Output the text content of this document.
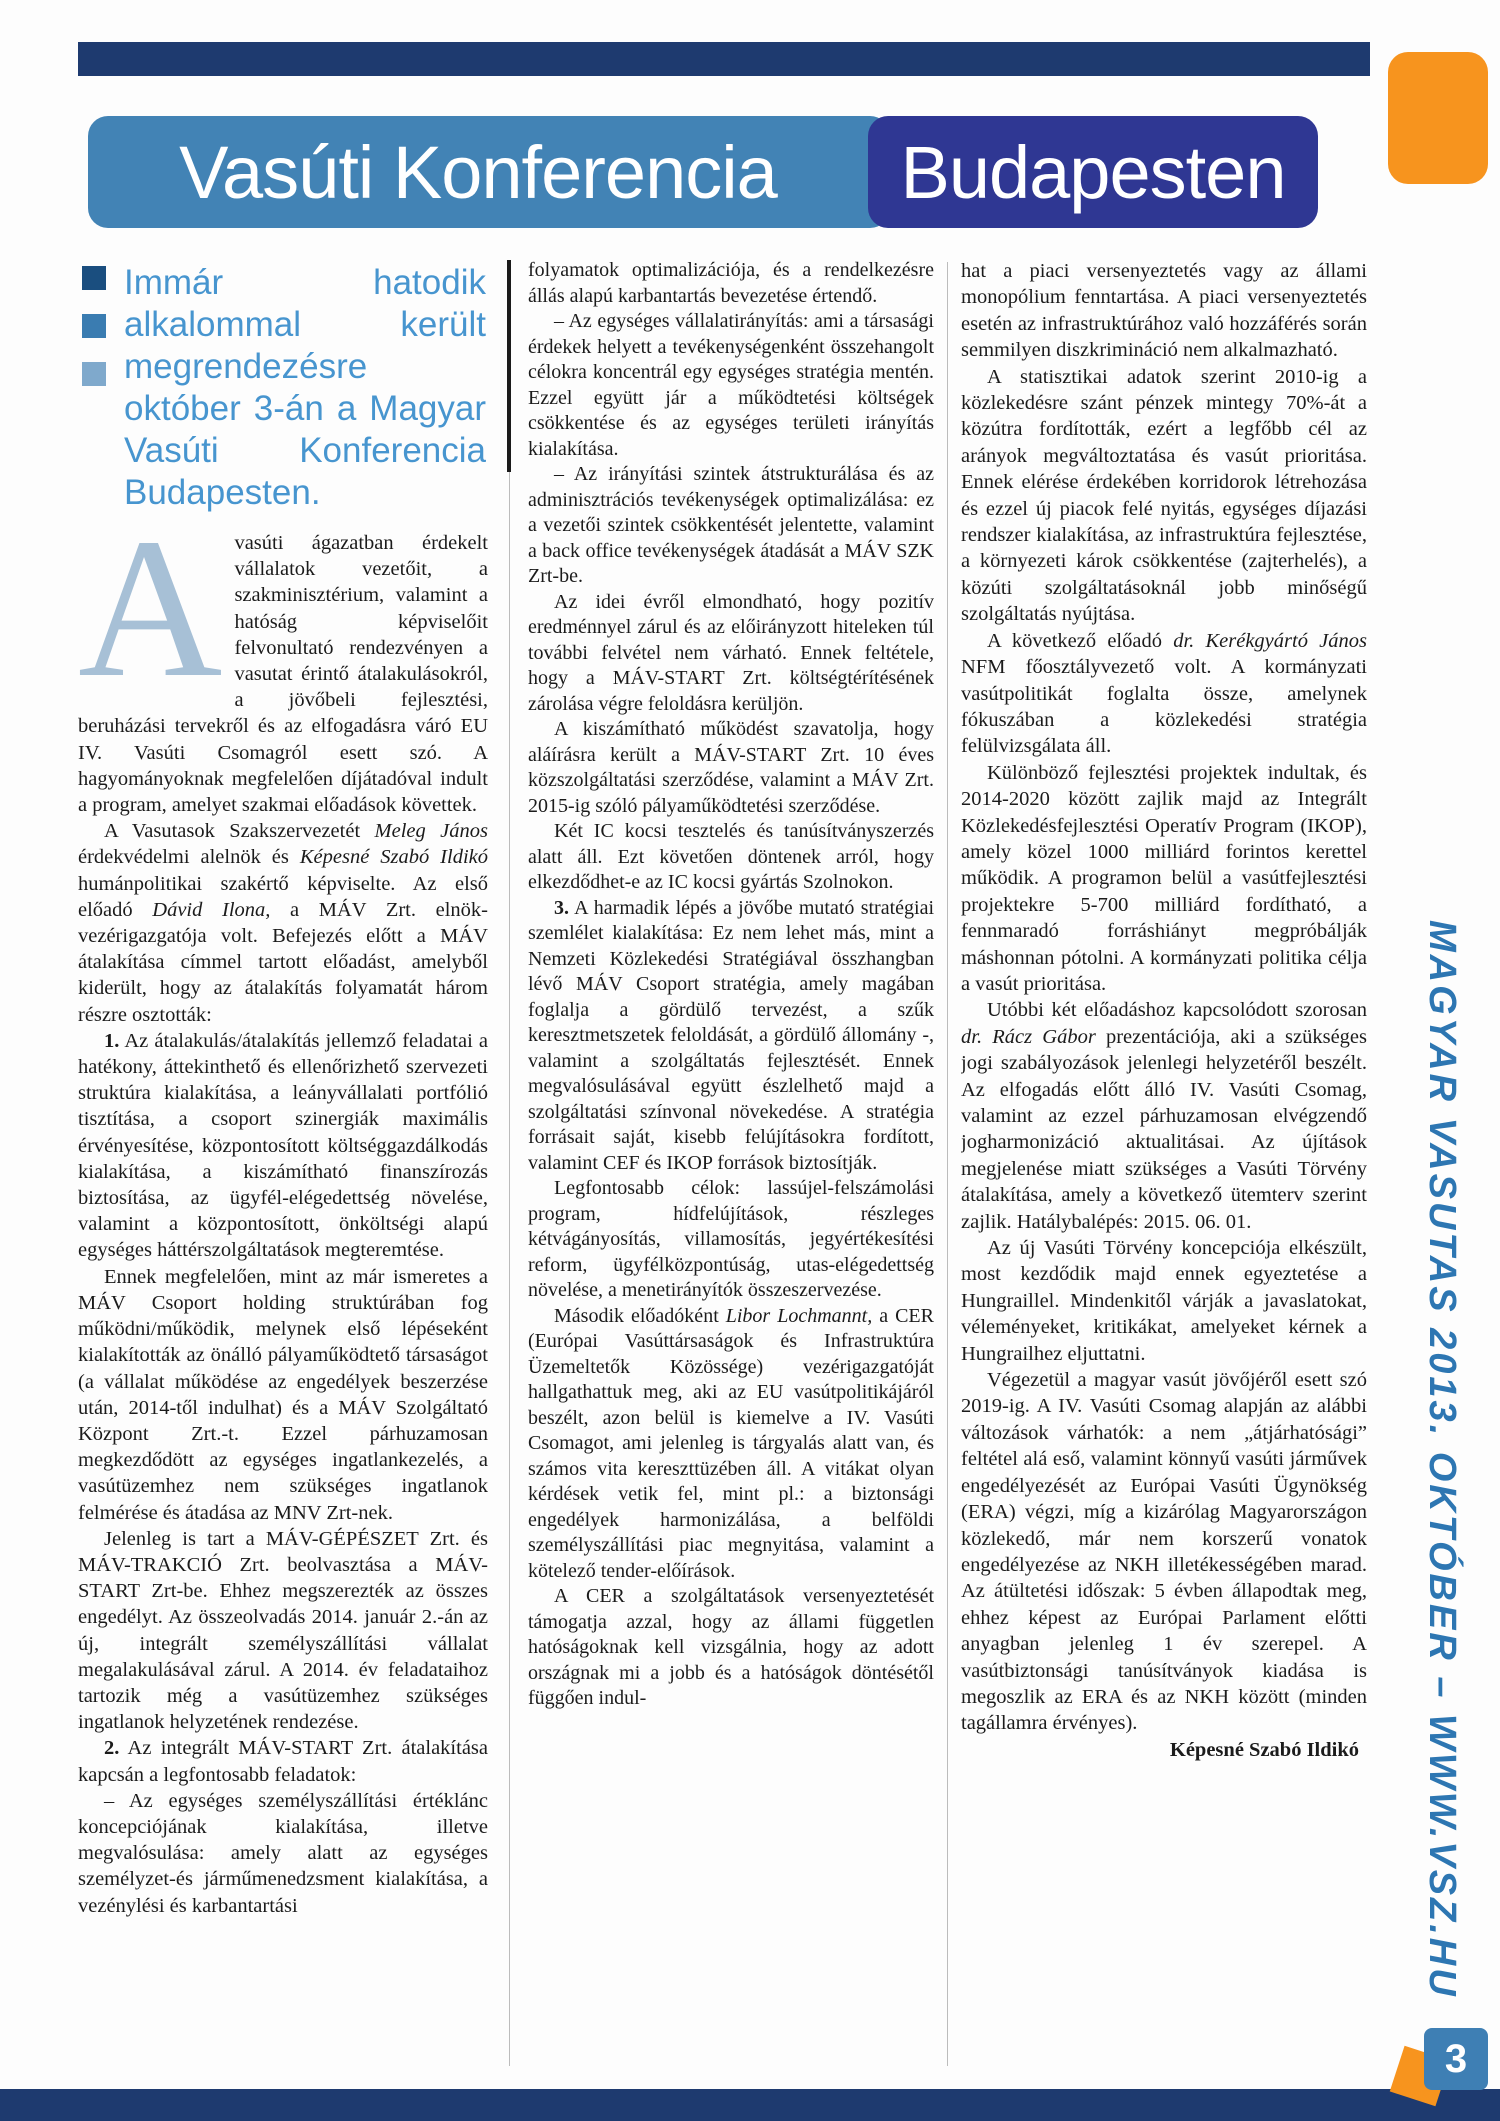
Vasúti Konferencia	Budapesten
Immár hatodik alkalommal került megrendezésre október 3-án a Magyar Vasúti Konferencia Budapesten.

Avasúti ágazatban érdekelt vállalatok vezetőit, a szakminisztérium, valamint a hatóság képviselőit felvonultató rendezvényen a vasutat érintő átalakulásokról, a jövőbeli fejlesztési, beruházási tervekről és az elfogadásra váró EU IV. Vasúti Csomagról esett szó. A hagyományoknak megfelelően díjátadóval indult a program, amelyet szakmai előadások követtek.

A Vasutasok Szakszervezetét Meleg János érdekvédelmi alelnök és Képesné Szabó Ildikó humánpolitikai szakértő képviselte. Az első előadó Dávid Ilona, a MÁV Zrt. elnök-vezérigazgatója volt. Befejezés előtt a MÁV átalakítása címmel tartott előadást, amelyből kiderült, hogy az átalakítás folyamatát három részre osztották:

1. Az átalakulás/átalakítás jellemző feladatai a hatékony, áttekinthető és ellenőrizhető szervezeti struktúra kialakítása, a leányvállalati portfólió tisztítása, a csoport szinergiák maximális érvényesítése, központosított költséggazdálkodás kialakítása, a kiszámítható finanszírozás biztosítása, az ügyfél-elégedettség növelése, valamint a központosított, önköltségi alapú egységes háttérszolgáltatások megteremtése.

Ennek megfelelően, mint az már ismeretes a MÁV Csoport holding struktúrában fog működni/működik, melynek első lépéseként kialakították az önálló pályaműködtető társaságot (a vállalat működése az engedélyek beszerzése után, 2014-től indulhat) és a MÁV Szolgáltató Központ Zrt.-t. Ezzel párhuzamosan megkezdődött az egységes ingatlankezelés, a vasútüzemhez nem szükséges ingatlanok felmérése és átadása az MNV Zrt-nek.

Jelenleg is tart a MÁV-GÉPÉSZET Zrt. és MÁV-TRAKCIÓ Zrt. beolvasztása a MÁV-START Zrt-be. Ehhez megszerezték az összes engedélyt. Az összeolvadás 2014. január 2.-án az új, integrált személyszállítási vállalat megalakulásával zárul. A 2014. év feladataihoz tartozik még a vasútüzemhez szükséges ingatlanok helyzetének rendezése.

2. Az integrált MÁV-START Zrt. átalakítása kapcsán a legfontosabb feladatok:

– Az egységes személyszállítási értéklánc koncepciójának kialakítása, illetve megvalósulása: amely alatt az egységes személyzet-és járműmenedzsment kialakítása, a vezénylési és karbantartási

folyamatok optimalizációja, és a rendelkezésre állás alapú karbantartás bevezetése értendő.

– Az egységes vállalatirányítás: ami a társasági érdekek helyett a tevékenységenként összehangolt célokra koncentrál egy egységes stratégia mentén. Ezzel együtt jár a működtetési költségek csökkentése és az egységes területi irányítás kialakítása.

– Az irányítási szintek átstrukturálása és az adminisztrációs tevékenységek optimalizálása: ez a vezetői szintek csökkentését jelentette, valamint a back office tevékenységek átadását a MÁV SZK Zrt-be.

Az idei évről elmondható, hogy pozitív eredménnyel zárul és az előirányzott hiteleken túl további felvétel nem várható. Ennek feltétele, hogy a MÁV-START Zrt. költségtérítésének zárolása végre feloldásra kerüljön.

A kiszámítható működést szavatolja, hogy aláírásra került a MÁV-START Zrt. 10 éves közszolgáltatási szerződése, valamint a MÁV Zrt. 2015-ig szóló pályaműködtetési szerződése.

Két IC kocsi tesztelés és tanúsítványszerzés alatt áll. Ezt követően döntenek arról, hogy elkezdődhet-e az IC kocsi gyártás Szolnokon.

3. A harmadik lépés a jövőbe mutató stratégiai szemlélet kialakítása: Ez nem lehet más, mint a Nemzeti Közlekedési Stratégiával összhangban lévő MÁV Csoport stratégia, amely magában foglalja a gördülő tervezést, a szűk keresztmetszetek feloldását, a gördülő állomány -, valamint a szolgáltatás fejlesztését. Ennek megvalósulásával együtt észlelhető majd a szolgáltatási színvonal növekedése. A stratégia forrásait saját, kisebb felújításokra fordított, valamint CEF és IKOP források biztosítják.

Legfontosabb célok: lassújel-felszámolási program, hídfelújítások, részleges kétvágányosítás, villamosítás, jegyértékesítési reform, ügyfélközpontúság, utas-elégedettség növelése, a menetirányítók összeszervezése.

Második előadóként Libor Lochmannt, a CER (Európai Vasúttársaságok és Infrastruktúra Üzemeltetők Közössége) vezérigazgatóját hallgathattuk meg, aki az EU vasútpolitikájáról beszélt, azon belül is kiemelve a IV. Vasúti Csomagot, ami jelenleg is tárgyalás alatt van, és számos vita kereszttüzében áll. A vitákat olyan kérdések vetik fel, mint pl.: a biztonsági engedélyek harmonizálása, a belföldi személyszállítási piac megnyitása, valamint a kötelező tender-előírások.

A CER a szolgáltatások versenyeztetését támogatja azzal, hogy az állami független hatóságoknak kell vizsgálnia, hogy az adott országnak mi a jobb és a hatóságok döntésétől függően indul-

hat a piaci versenyeztetés vagy az állami monopólium fenntartása. A piaci versenyeztetés esetén az infrastruktúrához való hozzáférés során semmilyen diszkrimináció nem alkalmazható.

A statisztikai adatok szerint 2010-ig a közlekedésre szánt pénzek mintegy 70%-át a közútra fordították, ezért a legfőbb cél az arányok megváltoztatása és vasút prioritása. Ennek elérése érdekében korridorok létrehozása és ezzel új piacok felé nyitás, egységes díjazási rendszer kialakítása, az infrastruktúra fejlesztése, a környezeti károk csökkentése (zajterhelés), a közúti szolgáltatásoknál jobb minőségű szolgáltatás nyújtása.

A következő előadó dr. Kerékgyártó János NFM főosztályvezető volt. A kormányzati vasútpolitikát foglalta össze, amelynek fókuszában a közlekedési stratégia felülvizsgálata áll.

Különböző fejlesztési projektek indultak, és 2014-2020 között zajlik majd az Integrált Közlekedésfejlesztési Operatív Program (IKOP), amely közel 1000 milliárd forintos kerettel működik. A programon belül a vasútfejlesztési projektekre 5-700 milliárd fordítható, a fennmaradó forráshiányt megpróbálják máshonnan pótolni. A kormányzati politika célja a vasút prioritása.

Utóbbi két előadáshoz kapcsolódott szorosan dr. Rácz Gábor prezentációja, aki a szükséges jogi szabályozások jelenlegi helyzetéről beszélt. Az elfogadás előtt álló IV. Vasúti Csomag, valamint az ezzel párhuzamosan elvégzendő jogharmonizáció aktualitásai. Az újítások megjelenése miatt szükséges a Vasúti Törvény átalakítása, amely a következő ütemterv szerint zajlik. Hatálybalépés: 2015. 06. 01.

Az új Vasúti Törvény koncepciója elkészült, most kezdődik majd ennek egyeztetése a Hungraillel. Mindenkitől várják a javaslatokat, véleményeket, kritikákat, amelyeket kérnek a Hungrailhez eljuttatni.

Végezetül a magyar vasút jövőjéről esett szó 2019-ig. A IV. Vasúti Csomag alapján az alábbi változások várhatók: a nem „átjárhatósági” feltétel alá eső, valamint könnyű vasúti járművek engedélyezését az Európai Vasúti Ügynökség (ERA) végzi, míg a kizárólag Magyarországon közlekedő, már nem korszerű vonatok engedélyezése az NKH illetékességében marad. Az átültetési időszak: 5 évben állapodtak meg, ehhez képest az Európai Parlament előtti anyagban jelenleg 1 év szerepel. A vasútbiztonsági tanúsítványok kiadása is megoszlik az ERA és az NKH között (minden tagállamra érvényes).

Képesné Szabó Ildikó MAGYAR VASUTAS 2013. OKTÓBER – WWW.VSZ.HU
3
